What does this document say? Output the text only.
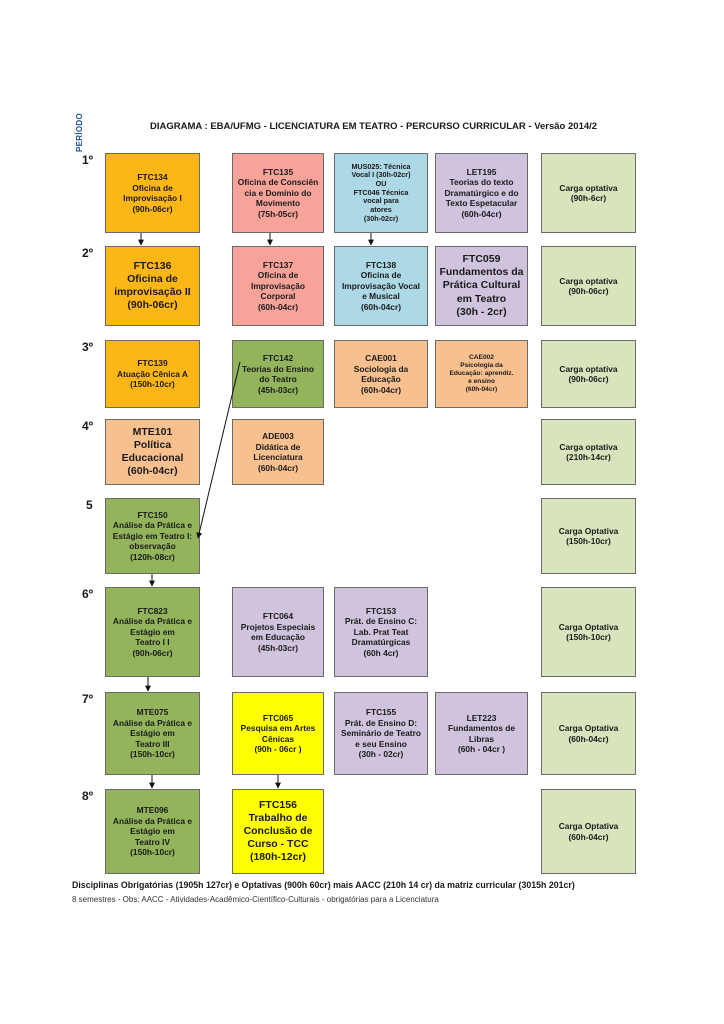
PERÍODO	DIAGRAMA : EBA/UFMG - LICENCIATURA EM TEATRO - PERCURSO CURRICULAR - Versão 2014/2
1º
2º
3º
4º
5
6º
7º
8º
FTC134
Oficina de
Improvisação I
(90h-06cr)
FTC135
Oficina de Consciên
cia e Domínio do
Movimento
(75h-05cr)
MUS025: Técnica
Vocal I (30h-02cr)
OU
FTC046 Técnica
vocal para
atores
(30h-02cr)
LET195
Teorias do texto
Dramatúrgico e do
Texto Espetacular
(60h-04cr)
Carga optativa
(90h-6cr)
FTC136
Oficina de
improvisação II
(90h-06cr)
FTC137
Oficina de
Improvisação
Corporal
(60h-04cr)
FTC138
Oficina de
Improvisação Vocal
e Musical
(60h-04cr)
FTC059
Fundamentos da
Prática Cultural
em Teatro
(30h - 2cr)
Carga optativa
(90h-06cr)
FTC139
Atuação Cênica A
(150h-10cr)
FTC142
Teorias do Ensino
do Teatro
(45h-03cr)
CAE001
Sociologia da
Educação
(60h-04cr)
CAE002
Psicologia da
Educação: aprendiz.
e ensino
(60h-04cr)
Carga optativa
(90h-06cr)
MTE101
Política
Educacional
(60h-04cr)
ADE003
Didática de
Licenciatura
(60h-04cr)
Carga optativa
(210h-14cr)
FTC150
Análise da Prática e
Estágio em Teatro I:
observação
(120h-08cr)
Carga Optativa
(150h-10cr)
FTC823
Análise da Prática e
Estágio em
Teatro I I
(90h-06cr)
FTC064
Projetos Especiais
em Educação
(45h-03cr)
FTC153
Prát. de Ensino C:
Lab. Prat Teat
Dramatúrgicas
(60h 4cr)
Carga Optativa
(150h-10cr)
MTE075
Análise da Prática e
Estágio em
Teatro III
(150h-10cr)
FTC065
Pesquisa em Artes
Cênicas
(90h - 06cr )
FTC155
Prát. de Ensino D:
Seminário de Teatro
e seu Ensino
(30h - 02cr)
LET223
Fundamentos de
Libras
(60h - 04cr )
Carga Optativa
(60h-04cr)
MTE096
Análise da Prática e
Estágio em
Teatro IV
(150h-10cr)
FTC156
Trabalho de
Conclusão de
Curso - TCC
(180h-12cr)
Carga Optativa
(60h-04cr)
Disciplinas Obrigatórias (1905h 127cr) e Optativas (900h 60cr) mais AACC (210h 14 cr) da matriz curricular (3015h 201cr)
8 semestres - Obs: AACC - Atividades-Acadêmico-Científico-Culturais - obrigatórias para a Licenciatura
